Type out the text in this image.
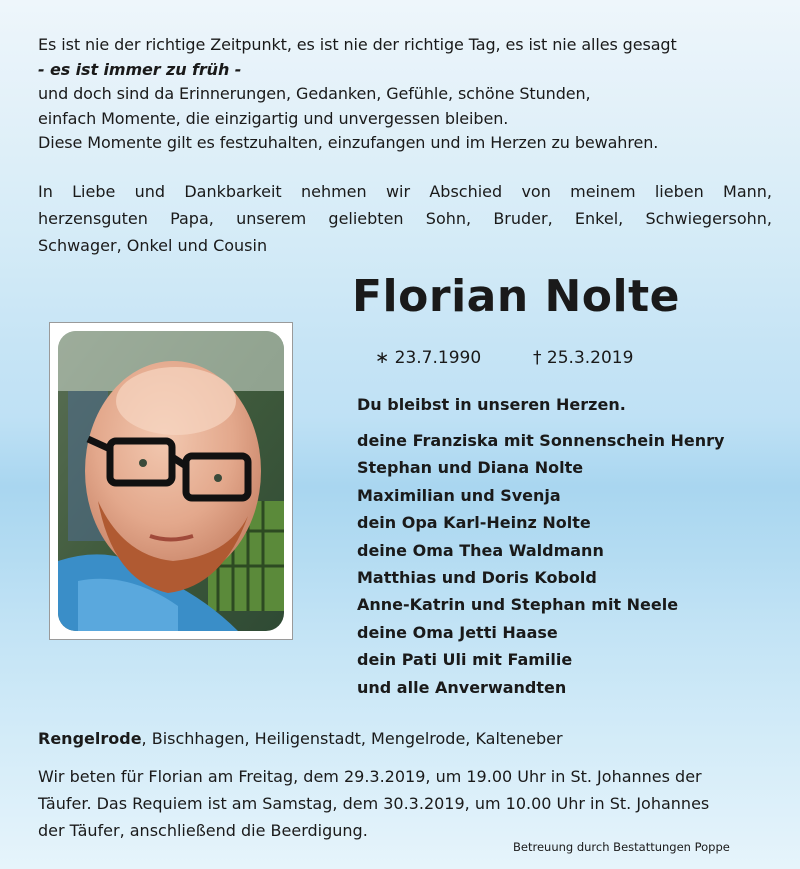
Es ist nie der richtige Zeitpunkt, es ist nie der richtige Tag, es ist nie alles gesagt
- es ist immer zu früh -
und doch sind da Erinnerungen, Gedanken, Gefühle, schöne Stunden,
einfach Momente, die einzigartig und unvergessen bleiben.
Diese Momente gilt es festzuhalten, einzufangen und im Herzen zu bewahren.
In Liebe und Dankbarkeit nehmen wir Abschied von meinem lieben Mann,
herzensguten Papa, unserem geliebten Sohn, Bruder, Enkel, Schwiegersohn,
Schwager, Onkel und Cousin
Florian Nolte
∗ 23.7.1990	† 25.3.2019
Du bleibst in unseren Herzen.
deine Franziska mit Sonnenschein Henry
Stephan und Diana Nolte
Maximilian und Svenja
dein Opa Karl-Heinz Nolte
deine Oma Thea Waldmann
Matthias und Doris Kobold
Anne-Katrin und Stephan mit Neele
deine Oma Jetti Haase
dein Pati Uli mit Familie
und alle Anverwandten
Rengelrode, Bischhagen, Heiligenstadt, Mengelrode, Kalteneber
Wir beten für Florian am Freitag, dem 29.3.2019, um 19.00 Uhr in St. Johannes der
Täufer. Das Requiem ist am Samstag, dem 30.3.2019, um 10.00 Uhr in St. Johannes
der Täufer, anschließend die Beerdigung.
Betreuung durch Bestattungen Poppe
